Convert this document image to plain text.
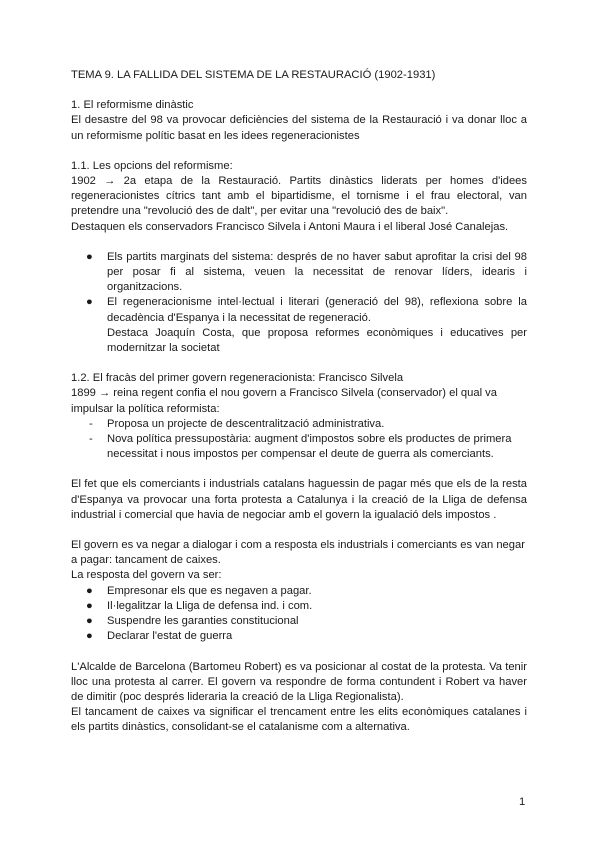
TEMA 9. LA FALLIDA DEL SISTEMA DE LA RESTAURACIÓ (1902-1931)

1. El reformisme dinàstic

El desastre del 98 va provocar deficiències del sistema de la Restauració i va donar lloc a un reformisme polític basat en les idees regeneracionistes

1.1. Les opcions del reformisme:

1902 → 2a etapa de la Restauració. Partits dinàstics liderats per homes d'idees regeneracionistes cítrics tant amb el bipartidisme, el tornisme i el frau electoral, van pretendre una "revolució des de dalt", per evitar una "revolució des de baix".

Destaquen els conservadors Francisco Silvela i Antoni Maura i el liberal José Canalejas.

● Els partits marginats del sistema: després de no haver sabut aprofitar la crisi del 98 per posar fi al sistema, veuen la necessitat de renovar líders, idearis i organitzacions.
● El regeneracionisme intel·lectual i literari (generació del 98), reflexiona sobre la decadència d'Espanya i la necessitat de regeneració.

Destaca Joaquín Costa, que proposa reformes econòmiques i educatives per modernitzar la societat

1.2. El fracàs del primer govern regeneracionista: Francisco Silvela

1899 → reina regent confia el nou govern a Francisco Silvela (conservador) el qual va impulsar la política reformista:

- Proposa un projecte de descentralització administrativa.
- Nova política pressupostària: augment d'impostos sobre els productes de primera necessitat i nous impostos per compensar el deute de guerra als comerciants.

El fet que els comerciants i industrials catalans haguessin de pagar més que els de la resta d'Espanya va provocar una forta protesta a Catalunya i la creació de la Lliga de defensa industrial i comercial que havia de negociar amb el govern la igualació dels impostos .

El govern es va negar a dialogar i com a resposta els industrials i comerciants es van negar a pagar: tancament de caixes.

La resposta del govern va ser:

● Empresonar els que es negaven a pagar.
● Il·legalitzar la Lliga de defensa ind. i com.
● Suspendre les garanties constitucional
● Declarar l'estat de guerra

L'Alcalde de Barcelona (Bartomeu Robert) es va posicionar al costat de la protesta. Va tenir lloc una protesta al carrer. El govern va respondre de forma contundent i Robert va haver de dimitir (poc després lideraria la creació de la Lliga Regionalista).

El tancament de caixes va significar el trencament entre les elits econòmiques catalanes i els partits dinàstics, consolidant-se el catalanisme com a alternativa.

1
